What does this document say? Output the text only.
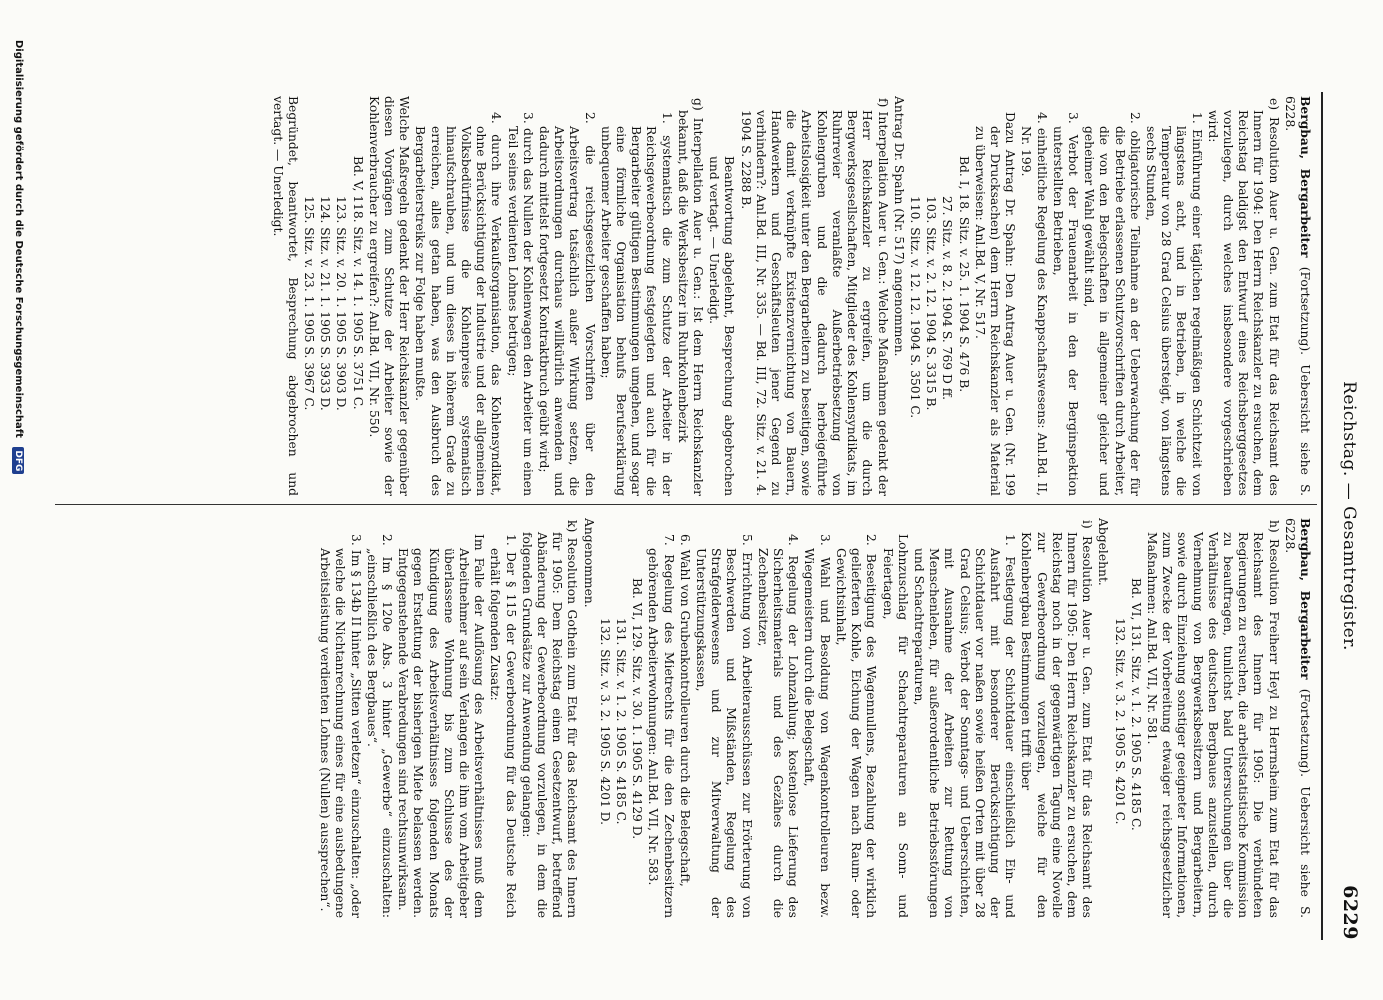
Reichstag. — Gesamtregister.
6229

Bergbau, Bergarbeiter (Fortsetzung). Uebersicht siehe S. 6228.

e) Resolution Auer u. Gen. zum Etat für das Reichsamt des Innern für 1904: Den Herrn Reichskanzler zu ersuchen, dem Reichstag baldigst den Entwurf eines Reichsberggesetzes vorzulegen, durch welches insbesondere vorgeschrieben wird:

1. Einführung einer täglichen regelmäßigen Schichtzeit von längstens acht, und in Betrieben, in welche die Temperatur von 28 Grad Celsius übersteigt, von längstens sechs Stunden,

2. obligatorische Teilnahme an der Ueberwachung der für die Betriebe erlassenen Schutzvorschriften durch Arbeiter, die von den Belegschaften in allgemeiner gleicher und geheimer Wahl gewählt sind,

3. Verbot der Frauenarbeit in den der Berginspektion unterstellten Betrieben,

4. einheitliche Regelung des Knappschaftswesens: Anl.Bd. II, Nr. 199.

Dazu Antrag Dr. Spahn: Den Antrag Auer u. Gen. (Nr. 199 der Drucksachen) dem Herrn Reichskanzler als Material zu überweisen: Anl.Bd. V, Nr. 517.

Bd. I, 18. Sitz. v. 25. 1. 1904 S. 476 B.

27. Sitz. v. 8. 2. 1904 S. 769 D ff.

103. Sitz. v. 2. 12. 1904 S. 3315 B.

110. Sitz. v. 12. 12. 1904 S. 3501 C.

Antrag Dr. Spahn (Nr. 517) angenommen.

f) Interpellation Auer u. Gen.: Welche Maßnahmen gedenkt der Herr Reichskanzler zu ergreifen, um die durch Bergwerksgesellschaften, Mitglieder des Kohlensyndikats, im Ruhrrevier veranlaßte Außerbetriebsetzung von Kohlengruben und die dadurch herbeigeführte Arbeitslosigkeit unter den Bergarbeitern zu beseitigen, sowie die damit verknüpfte Existenzvernichtung von Bauern, Handwerkern und Geschäftsleuten jener Gegend zu verhindern?: Anl.Bd. III, Nr. 335. — Bd. III, 72. Sitz. v. 21. 4. 1904 S. 2288 B.

Beantwortung abgelehnt, Besprechung abgebrochen und vertagt. — Unerledigt.

g) Interpellation Auer u. Gen.: Ist dem Herrn Reichskanzler bekannt, daß die Werksbesitzer im Ruhrkohlenbezirk

1. systematisch die zum Schutze der Arbeiter in der Reichsgewerbeordnung festgelegten und auch für die Bergarbeiter gültigen Bestimmungen umgehen, und sogar eine förmliche Organisation behufs Berufserklärung unbequemer Arbeiter geschaffen haben;

2. die reichsgesetzlichen Vorschriften über den Arbeitsvertrag tatsächlich außer Wirkung setzen, die Arbeitsordnungen durchaus willkürlich anwenden und dadurch mittelst fortgesetzt Kontraktbruch geübt wird;

3. durch das Nullen der Kohlenwagen den Arbeiter um einen Teil seines verdienten Lohnes betrügen;

4. durch ihre Verkaufsorganisation, das Kohlensyndikat, ohne Berücksichtigung der Industrie und der allgemeinen Volksbedürfnisse die Kohlenpreise systematisch hinaufschrauben, und um dieses in höherem Grade zu erreichen, alles getan haben, was den Ausbruch des Bergarbeiterstreiks zur Folge haben mußte.

Welche Maßregeln gedenkt der Herr Reichskanzler gegenüber diesen Vorgängen zum Schutze der Arbeiter sowie der Kohlenverbraucher zu ergreifen?: Anl.Bd. VII, Nr. 550.

Bd. V, 118. Sitz. v. 14. 1. 1905 S. 3751 C.

123. Sitz. v. 20. 1. 1905 S. 3903 D.

124. Sitz. v. 21. 1. 1905 S. 3933 D.

125. Sitz. v. 23. 1. 1905 S. 3967 C.

Begründet, beantwortet, Besprechung abgebrochen und vertagt. — Unerledigt.

Bergbau, Bergarbeiter (Fortsetzung). Uebersicht siehe S. 6228.

h) Resolution Freiherr Heyl zu Herrnsheim zum Etat für das Reichsamt des Innern für 1905: Die verbündeten Regierungen zu ersuchen, die arbeitsstatistische Kommission zu beauftragen, tunlichst bald Untersuchungen über die Verhältnisse des deutschen Bergbaues anzustellen, durch Vernehmung von Bergwerksbesitzern und Bergarbeitern, sowie durch Einziehung sonstiger geeigneter Informationen, zum Zwecke der Vorbereitung etwaiger reichsgesetzlicher Maßnahmen: Anl.Bd. VII, Nr. 581.

Bd. VI, 131. Sitz. v. 1. 2. 1905 S. 4185 C.

132. Sitz. v. 3. 2. 1905 S. 4201 C.

Abgelehnt.

i) Resolution Auer u. Gen. zum Etat für das Reichsamt des Innern für 1905: Den Herrn Reichskanzler zu ersuchen, dem Reichstag noch in der gegenwärtigen Tagung eine Novelle zur Gewerbeordnung vorzulegen, welche für den Kohlenbergbau Bestimmungen trifft über

1. Festlegung der Schichtdauer einschließlich Ein- und Ausfahrt mit besonderer Berücksichtigung der Schichtdauer vor naßen sowie heißen Orten mit über 28 Grad Celsius; Verbot der Sonntags- und Ueberschichten, mit Ausnahme der Arbeiten zur Rettung von Menschenleben, für außerordentliche Betriebsstörungen und Schachtreparaturen,

Lohnzuschlag für Schachtreparaturen an Sonn- und Feiertagen,

2. Beseitigung des Wagennullens, Bezahlung der wirklich gelieferten Kohle, Eichung der Wagen nach Raum- oder Gewichtsinhalt,

3. Wahl und Besoldung von Wagenkontrolleuren bezw. Wiegemeistern durch die Belegschaft,

4. Regelung der Lohnzahlung; kostenlose Lieferung des Sicherheitsmaterials und des Gezähes durch die Zechenbesitzer,

5. Errichtung von Arbeiterausschüssen zur Erörterung von Beschwerden und Mißständen, Regelung des Strafgelderwesens und zur Mitverwaltung der Unterstützungskassen,

6. Wahl von Grubenkontrolleuren durch die Belegschaft,

7. Regelung des Mietrechts für die den Zechenbesitzern gehörenden Arbeiterwohnungen: Anl.Bd. VII, Nr. 583.

Bd. VI, 129. Sitz. v. 30. 1. 1905 S. 4129 D.

131. Sitz. v. 1. 2. 1905 S. 4185 C.

132. Sitz. v. 3. 2. 1905 S. 4201 D.

Angenommen.

k) Resolution Gothein zum Etat für das Reichsamt des Innern für 1905: Dem Reichstag einen Gesetzentwurf, betreffend Abänderung der Gewerbeordnung vorzulegen, in dem die folgenden Grundsätze zur Anwendung gelangen:

1. Der § 115 der Gewerbeordnung für das Deutsche Reich erhält folgenden Zusatz:

Im Falle der Auflösung des Arbeitsverhältnisses muß dem Arbeitnehmer auf sein Verlangen die ihm vom Arbeitgeber überlassene Wohnung bis zum Schlusse des der Kündigung des Arbeitsverhältnisses folgenden Monats gegen Erstattung der bisherigen Miete belassen werden. Entgegenstehende Verabredungen sind rechtsunwirksam.

2. Im § 120e Abs. 3 hinter „Gewerbe“ einzuschalten: „einschließlich des Bergbaues“.

3. Im § 134b II hinter „Sitten verletzen“ einzuschalten: „oder welche die Nichtanrechnung eines für eine ausbedungene Arbeitsleistung verdienten Lohnes (Nullen) aussprechen“.

Digitalisierung gefördert durch die Deutsche Forschungsgemeinschaft DFG
